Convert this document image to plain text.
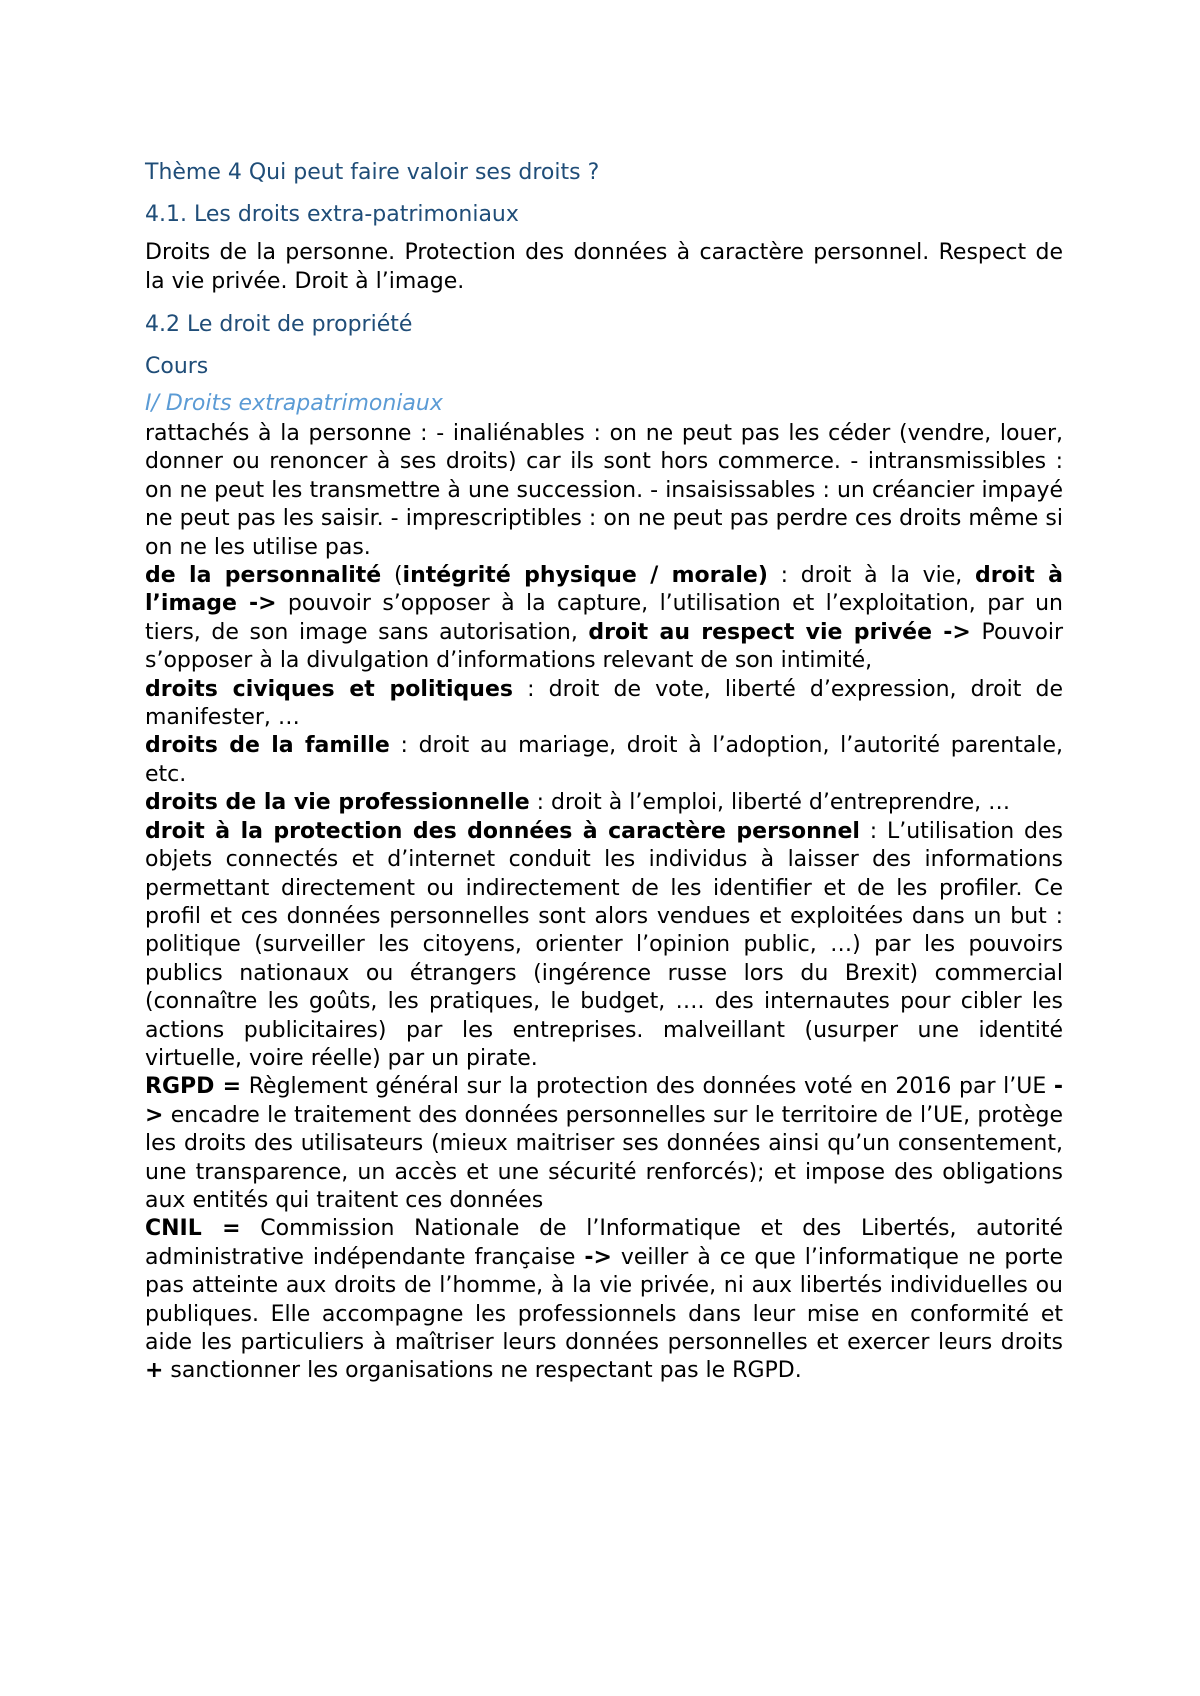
Thème 4 Qui peut faire valoir ses droits ?
4.1. Les droits extra-patrimoniaux
Droits de la personne. Protection des données à caractère personnel. Respect de la vie privée. Droit à l’image.
4.2 Le droit de propriété
Cours
I/ Droits extrapatrimoniaux

rattachés à la personne : - inaliénables : on ne peut pas les céder (vendre, louer, donner ou renoncer à ses droits) car ils sont hors commerce. - intransmissibles : on ne peut les transmettre à une succession. - insaisissables : un créancier impayé ne peut pas les saisir. - imprescriptibles : on ne peut pas perdre ces droits même si on ne les utilise pas.

de la personnalité (intégrité physique / morale) : droit à la vie, droit à l’image -> pouvoir s’opposer à la capture, l’utilisation et l’exploitation, par un tiers, de son image sans autorisation, droit au respect vie privée -> Pouvoir s’opposer à la divulgation d’informations relevant de son intimité,

droits civiques et politiques : droit de vote, liberté d’expression, droit de manifester, …

droits de la famille : droit au mariage, droit à l’adoption, l’autorité parentale, etc.

droits de la vie professionnelle : droit à l’emploi, liberté d’entreprendre, …

droit à la protection des données à caractère personnel : L’utilisation des objets connectés et d’internet conduit les individus à laisser des informations permettant directement ou indirectement de les identifier et de les profiler. Ce profil et ces données personnelles sont alors vendues et exploitées dans un but : politique (surveiller les citoyens, orienter l’opinion public, …) par les pouvoirs publics nationaux ou étrangers (ingérence russe lors du Brexit) commercial (connaître les goûts, les pratiques, le budget, …. des internautes pour cibler les actions publicitaires) par les entreprises. malveillant (usurper une identité virtuelle, voire réelle) par un pirate.

RGPD = Règlement général sur la protection des données voté en 2016 par l’UE -> encadre le traitement des données personnelles sur le territoire de l’UE, protège les droits des utilisateurs (mieux maitriser ses données ainsi qu’un consentement, une transparence, un accès et une sécurité renforcés); et impose des obligations aux entités qui traitent ces données

CNIL = Commission Nationale de l’Informatique et des Libertés, autorité administrative indépendante française -> veiller à ce que l’informatique ne porte pas atteinte aux droits de l’homme, à la vie privée, ni aux libertés individuelles ou publiques. Elle accompagne les professionnels dans leur mise en conformité et aide les particuliers à maîtriser leurs données personnelles et exercer leurs droits + sanctionner les organisations ne respectant pas le RGPD.
